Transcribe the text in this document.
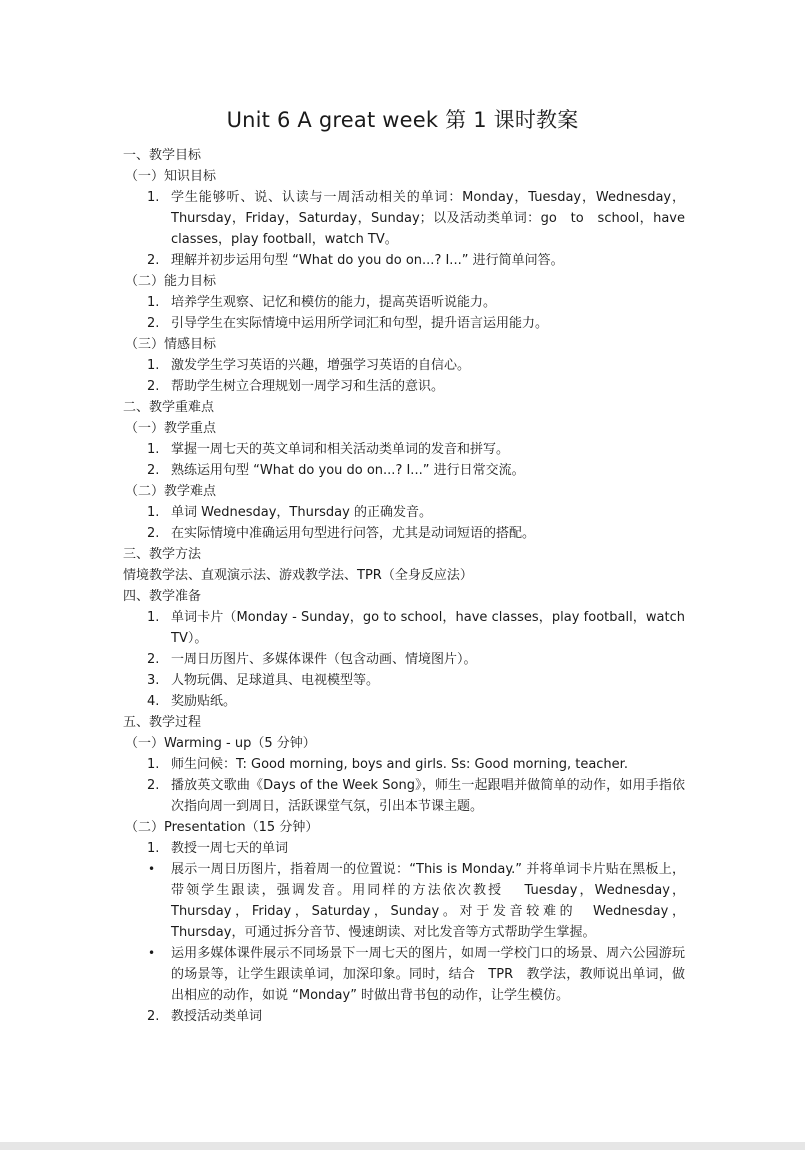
Unit 6 A great week 第 1 课时教案
一、教学目标
（一）知识目标
1. 学生能够听、说、认读与一周活动相关的单词：Monday，Tuesday，Wednesday，Thursday，Friday，Saturday，Sunday；以及活动类单词：go　to　school，have classes，play football，watch TV。
2. 理解并初步运用句型 “What do you do on...? I...” 进行简单问答。
（二）能力目标
1. 培养学生观察、记忆和模仿的能力，提高英语听说能力。
2. 引导学生在实际情境中运用所学词汇和句型，提升语言运用能力。
（三）情感目标
1. 激发学生学习英语的兴趣，增强学习英语的自信心。
2. 帮助学生树立合理规划一周学习和生活的意识。
二、教学重难点
（一）教学重点
1. 掌握一周七天的英文单词和相关活动类单词的发音和拼写。
2. 熟练运用句型 “What do you do on...? I...” 进行日常交流。
（二）教学难点
1. 单词 Wednesday，Thursday 的正确发音。
2. 在实际情境中准确运用句型进行问答，尤其是动词短语的搭配。
三、教学方法
情境教学法、直观演示法、游戏教学法、TPR（全身反应法）
四、教学准备
1. 单词卡片（Monday - Sunday，go to school，have classes，play football，watch TV）。
2. 一周日历图片、多媒体课件（包含动画、情境图片）。
3. 人物玩偶、足球道具、电视模型等。
4. 奖励贴纸。
五、教学过程
（一）Warming - up（5 分钟）
1. 师生问候：T: Good morning, boys and girls. Ss: Good morning, teacher.
2. 播放英文歌曲《Days of the Week Song》，师生一起跟唱并做简单的动作，如用手指依次指向周一到周日，活跃课堂气氛，引出本节课主题。
（二）Presentation（15 分钟）
1. 教授一周七天的单词
• 展示一周日历图片，指着周一的位置说：“This is Monday.” 并将单词卡片贴在黑板上，带领学生跟读，强调发音。用同样的方法依次教授　 Tuesday，Wednesday，Thursday，Friday，Saturday，Sunday。对于发音较难的　Wednesday，Thursday，可通过拆分音节、慢速朗读、对比发音等方式帮助学生掌握。
• 运用多媒体课件展示不同场景下一周七天的图片，如周一学校门口的场景、周六公园游玩的场景等，让学生跟读单词，加深印象。同时，结合　TPR　教学法，教师说出单词，做出相应的动作，如说 “Monday” 时做出背书包的动作，让学生模仿。
2. 教授活动类单词
